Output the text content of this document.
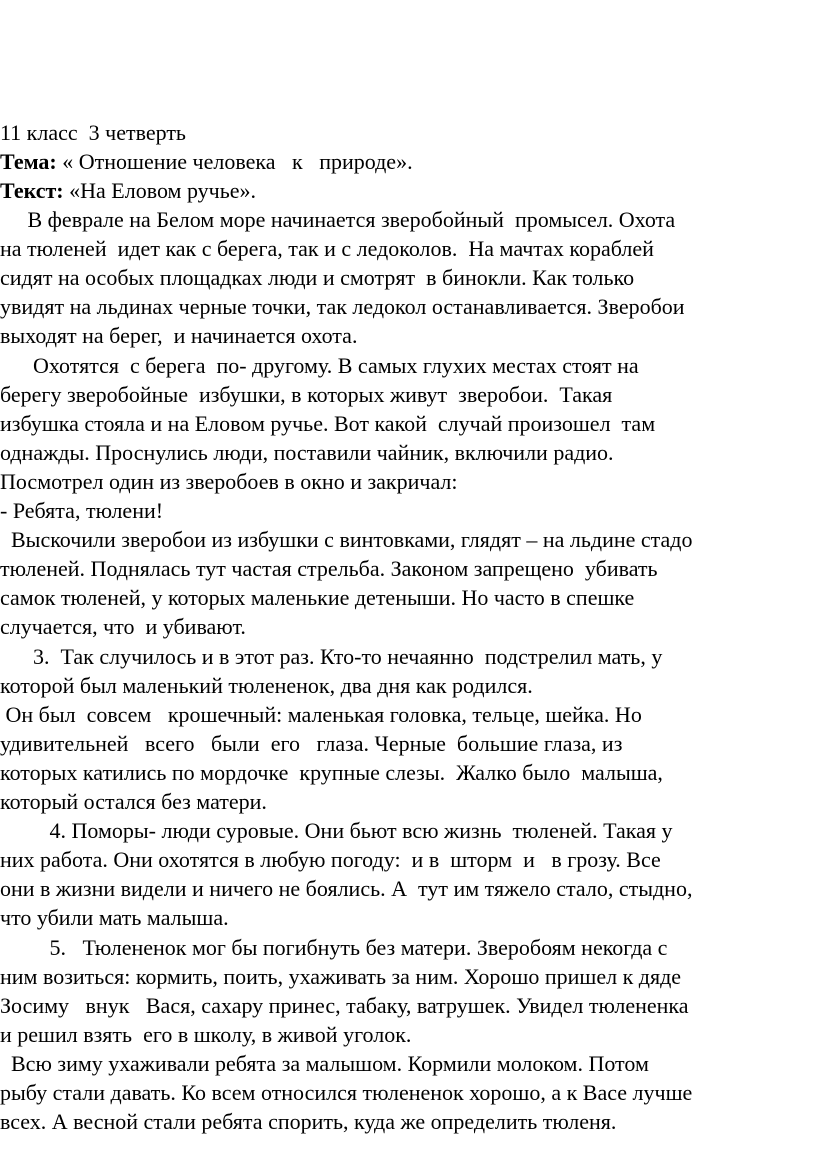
11 класс  3 четверть
Тема: « Отношение человека   к   природе».
Текст: «На Еловом ручье».
В феврале на Белом море начинается зверобойный  промысел. Охота
на тюленей  идет как с берега, так и с ледоколов.  На мачтах кораблей
сидят на особых площадках люди и смотрят  в бинокли. Как только
увидят на льдинах черные точки, так ледокол останавливается. Зверобои
выходят на берег,  и начинается охота.
Охотятся  с берега  по- другому. В самых глухих местах стоят на
берегу зверобойные  избушки, в которых живут  зверобои.  Такая
избушка стояла и на Еловом ручье. Вот какой  случай произошел  там
однажды. Проснулись люди, поставили чайник, включили радио.
Посмотрел один из зверобоев в окно и закричал:
- Ребята, тюлени!
Выскочили зверобои из избушки с винтовками, глядят – на льдине стадо
тюленей. Поднялась тут частая стрельба. Законом запрещено  убивать
самок тюленей, у которых маленькие детеныши. Но часто в спешке
случается, что  и убивают.
3.  Так случилось и в этот раз. Кто-то нечаянно  подстрелил мать, у
которой был маленький тюлененок, два дня как родился.
Он был  совсем   крошечный: маленькая головка, тельце, шейка. Но
удивительней   всего   были  его   глаза. Черные  большие глаза, из
которых катились по мордочке  крупные слезы.  Жалко было  малыша,
который остался без матери.
4. Поморы- люди суровые. Они бьют всю жизнь  тюленей. Такая у
них работа. Они охотятся в любую погоду:  и в  шторм  и   в грозу. Все
они в жизни видели и ничего не боялись. А  тут им тяжело стало, стыдно,
что убили мать малыша.
5.   Тюлененок мог бы погибнуть без матери. Зверобоям некогда с
ним возиться: кормить, поить, ухаживать за ним. Хорошо пришел к дяде
Зосиму   внук   Вася, сахару принес, табаку, ватрушек. Увидел тюлененка
и решил взять  его в школу, в живой уголок.
Всю зиму ухаживали ребята за малышом. Кормили молоком. Потом
рыбу стали давать. Ко всем относился тюлененок хорошо, а к Васе лучше
всех. А весной стали ребята спорить, куда же определить тюленя.
